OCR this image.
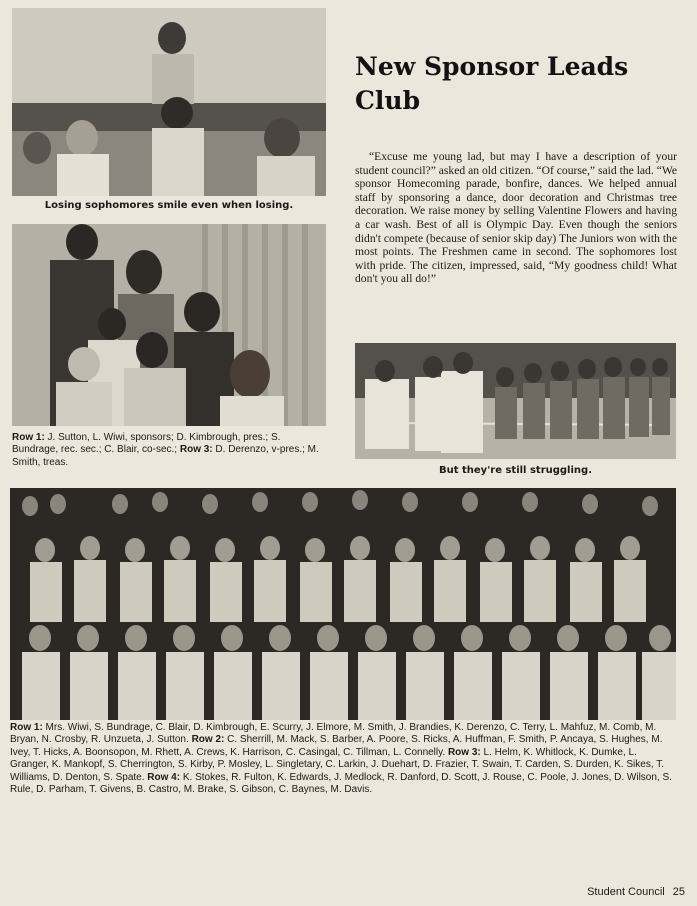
Losing sophomores smile even when losing.
Row 1: J. Sutton, L. Wiwi, sponsors; D. Kimbrough, pres.; S. Bundrage, rec. sec.; C. Blair, co-sec.; Row 3: D. Derenzo, v-pres.; M. Smith, treas.
New Sponsor Leads Club

“Excuse me young lad, but may I have a description of your student council?” asked an old citizen. “Of course,” said the lad. “We sponsor Homecoming parade, bonfire, dances. We helped annual staff by sponsoring a dance, door decoration and Christmas tree decoration. We raise money by selling Valentine Flowers and having a car wash. Best of all is Olympic Day. Even though the seniors didn't compete (because of senior skip day) The Juniors won with the most points. The Freshmen came in second. The sophomores lost with pride. The citizen, impressed, said, “My goodness child! What don't you all do!”

But they're still struggling.
Row 1: Mrs. Wiwi, S. Bundrage, C. Blair, D. Kimbrough, E. Scurry, J. Elmore, M. Smith, J. Brandies, K. Derenzo, C. Terry, L. Mahfuz, M. Comb, M. Bryan, N. Crosby, R. Unzueta, J. Sutton. Row 2: C. Sherrill, M. Mack, S. Barber, A. Poore, S. Ricks, A. Huffman, F. Smith, P. Ancaya, S. Hughes, M. Ivey, T. Hicks, A. Boonsopon, M. Rhett, A. Crews, K. Harrison, C. Casingal, C. Tillman, L. Connelly. Row 3: L. Helm, K. Whitlock, K. Dumke, L. Granger, K. Mankopf, S. Cherrington, S. Kirby, P. Mosley, L. Singletary, C. Larkin, J. Duehart, D. Frazier, T. Swain, T. Carden, S. Durden, K. Sikes, T. Williams, D. Denton, S. Spate. Row 4: K. Stokes, R. Fulton, K. Edwards, J. Medlock, R. Danford, D. Scott, J. Rouse, C. Poole, J. Jones, D. Wilson, S. Rule, D. Parham, T. Givens, B. Castro, M. Brake, S. Gibson, C. Baynes, M. Davis.
Student Council 25
